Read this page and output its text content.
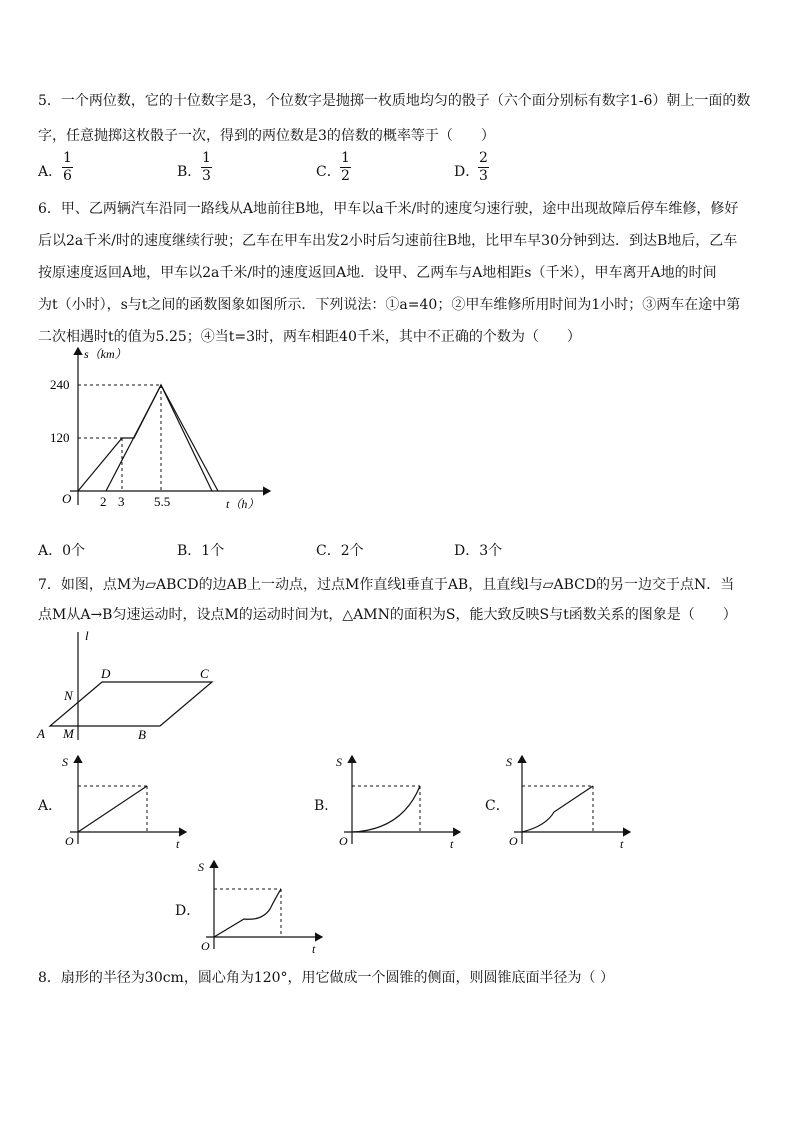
5．一个两位数，它的十位数字是3，个位数字是抛掷一枚质地均匀的骰子（六个面分别标有数字1-6）朝上一面的数
字，任意抛掷这枚骰子一次，得到的两位数是3的倍数的概率等于（　　）
A．
1
6	B．
1
3	C．
1
2	D．
2
3
6．甲、乙两辆汽车沿同一路线从A地前往B地，甲车以a千米/时的速度匀速行驶，途中出现故障后停车维修，修好
后以2a千米/时的速度继续行驶；乙车在甲车出发2小时后匀速前往B地，比甲车早30分钟到达．到达B地后，乙车
按原速度返回A地，甲车以2a千米/时的速度返回A地．设甲、乙两车与A地相距s（千米），甲车离开A地的时间
为t（小时），s与t之间的函数图象如图所示．下列说法：①a=40；②甲车维修所用时间为1小时；③两车在途中第
二次相遇时t的值为5.25；④当t=3时，两车相距40千米，其中不正确的个数为（　　）
s（km）
240
120
O 2 3 5.5	t（h）
A．0个	B．1个	C．2个	D．3个
7．如图，点M为▱ABCD的边AB上一动点，过点M作直线l垂直于AB，且直线l与▱ABCD的另一边交于点N．当
点M从A→B匀速运动时，设点M的运动时间为t，△AMN的面积为S，能大致反映S与t函数关系的图象是（　　）
l
D	C
N
A M	B
A．
S
O	t
B．
S
O	t
C．
S
O	t
D．
S
O	t
8．扇形的半径为30cm，圆心角为120°，用它做成一个圆锥的侧面，则圆锥底面半径为（ ）
